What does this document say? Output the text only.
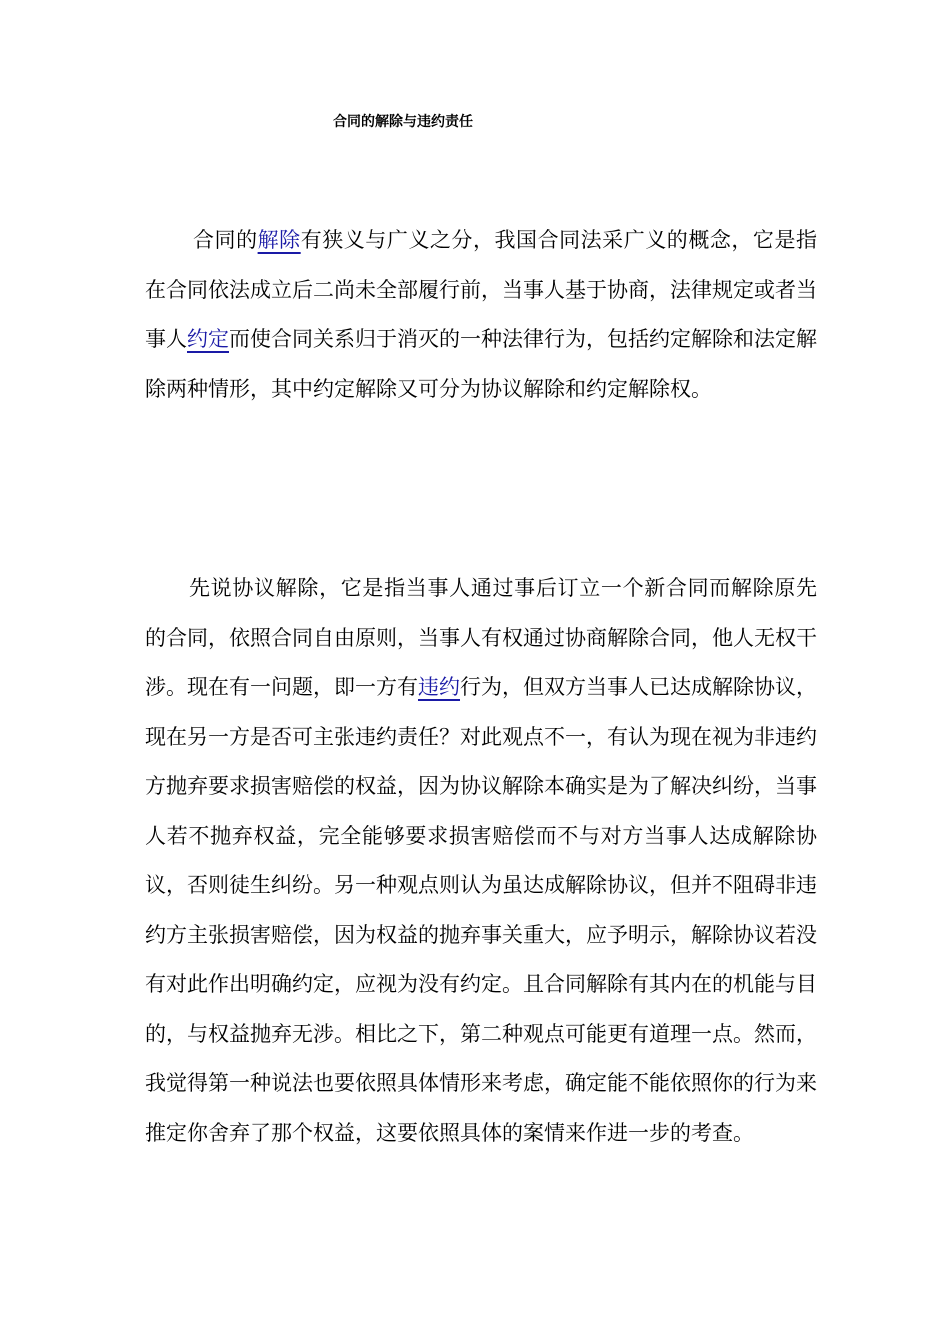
合同的解除与违约责任

合同的解除有狭义与广义之分，我国合同法采广义的概念，它是指在合同依法成立后二尚未全部履行前，当事人基于协商，法律规定或者当事人约定而使合同关系归于消灭的一种法律行为，包括约定解除和法定解除两种情形，其中约定解除又可分为协议解除和约定解除权。

先说协议解除，它是指当事人通过事后订立一个新合同而解除原先的合同，依照合同自由原则，当事人有权通过协商解除合同，他人无权干涉。现在有一问题，即一方有违约行为，但双方当事人已达成解除协议，现在另一方是否可主张违约责任？对此观点不一，有认为现在视为非违约方抛弃要求损害赔偿的权益，因为协议解除本确实是为了解决纠纷，当事人若不抛弃权益，完全能够要求损害赔偿而不与对方当事人达成解除协议，否则徒生纠纷。另一种观点则认为虽达成解除协议，但并不阻碍非违约方主张损害赔偿，因为权益的抛弃事关重大，应予明示，解除协议若没有对此作出明确约定，应视为没有约定。且合同解除有其内在的机能与目的，与权益抛弃无涉。相比之下，第二种观点可能更有道理一点。然而，我觉得第一种说法也要依照具体情形来考虑，确定能不能依照你的行为来推定你舍弃了那个权益，这要依照具体的案情来作进一步的考查。
